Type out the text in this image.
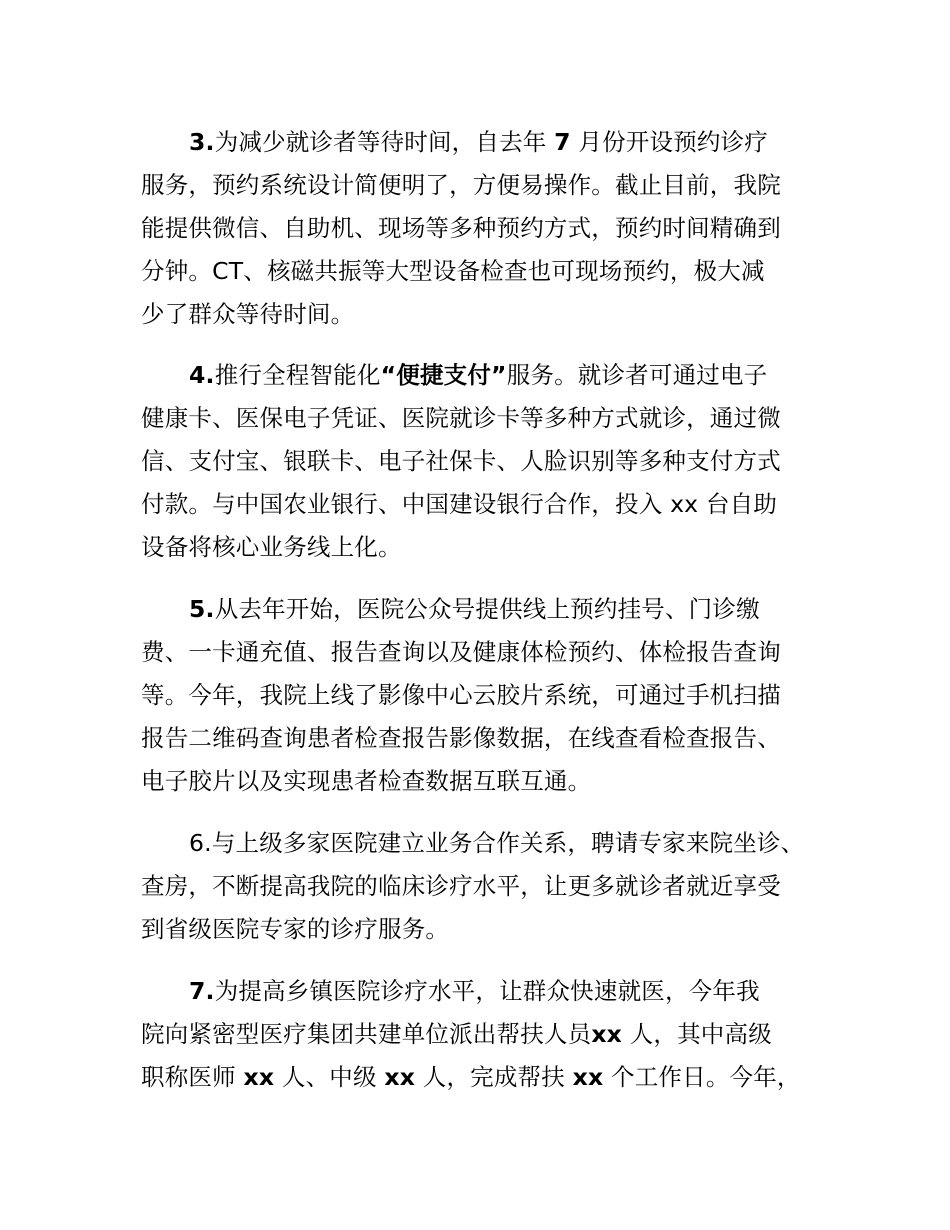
3.为减少就诊者等待时间，自去年 7 月份开设预约诊疗
服务，预约系统设计简便明了，方便易操作。截止目前，我院
能提供微信、自助机、现场等多种预约方式，预约时间精确到
分钟。CT、核磁共振等大型设备检查也可现场预约，极大减
少了群众等待时间。
4.推行全程智能化“便捷支付”服务。就诊者可通过电子
健康卡、医保电子凭证、医院就诊卡等多种方式就诊，通过微
信、支付宝、银联卡、电子社保卡、人脸识别等多种支付方式
付款。与中国农业银行、中国建设银行合作，投入 xx 台自助
设备将核心业务线上化。
5.从去年开始，医院公众号提供线上预约挂号、门诊缴
费、一卡通充值、报告查询以及健康体检预约、体检报告查询
等。今年，我院上线了影像中心云胶片系统，可通过手机扫描
报告二维码查询患者检查报告影像数据，在线查看检查报告、
电子胶片以及实现患者检查数据互联互通。
6.与上级多家医院建立业务合作关系，聘请专家来院坐诊、
查房，不断提高我院的临床诊疗水平，让更多就诊者就近享受
到省级医院专家的诊疗服务。
7.为提高乡镇医院诊疗水平，让群众快速就医，今年我
院向紧密型医疗集团共建单位派出帮扶人员xx 人，其中高级
职称医师 xx 人、中级 xx 人，完成帮扶 xx 个工作日。今年，
